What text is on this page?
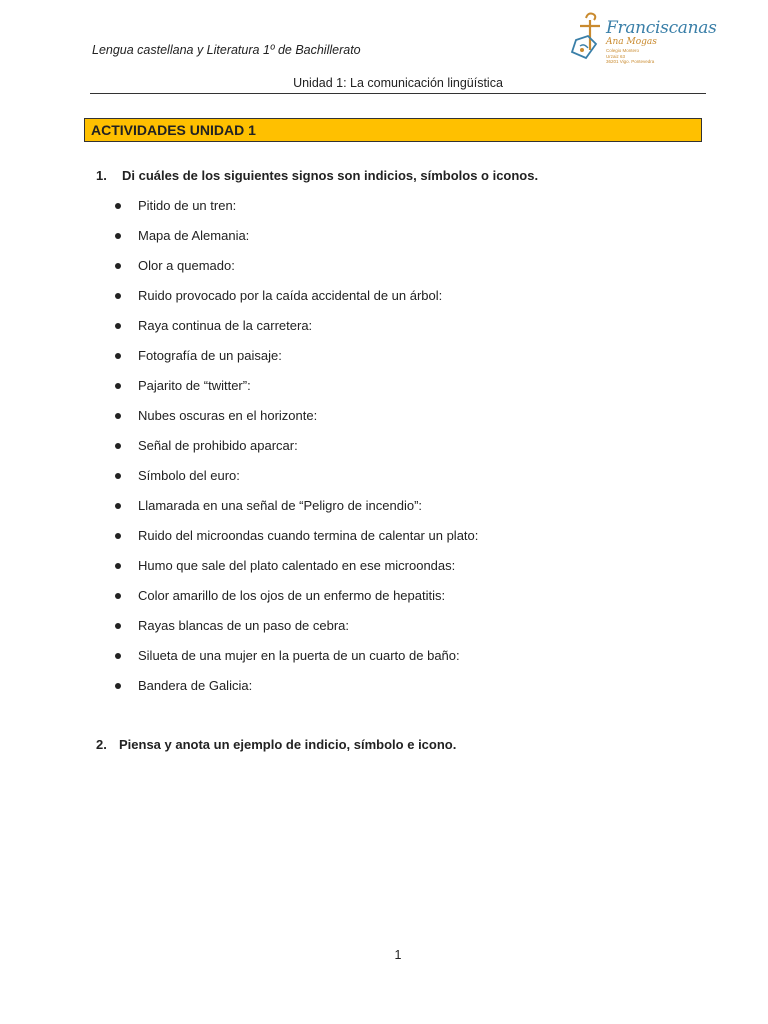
Lengua castellana y Literatura 1º de Bachillerato
Franciscanas
Ana Mogas
Colegio Montero
Urzaiz 63
36201 Vigo. Pontevedra
Unidad 1: La comunicación lingüística
ACTIVIDADES UNIDAD 1
1. Di cuáles de los siguientes signos son indicios, símbolos o iconos.
Pitido de un tren:
Mapa de Alemania:
Olor a quemado:
Ruido provocado por la caída accidental de un árbol:
Raya continua de la carretera:
Fotografía de un paisaje:
Pajarito de “twitter”:
Nubes oscuras en el horizonte:
Señal de prohibido aparcar:
Símbolo del euro:
Llamarada en una señal de “Peligro de incendio”:
Ruido del microondas cuando termina de calentar un plato:
Humo que sale del plato calentado en ese microondas:
Color amarillo de los ojos de un enfermo de hepatitis:
Rayas blancas de un paso de cebra:
Silueta de una mujer en la puerta de un cuarto de baño:
Bandera de Galicia:
2. Piensa y anota un ejemplo de indicio, símbolo e icono.
1
